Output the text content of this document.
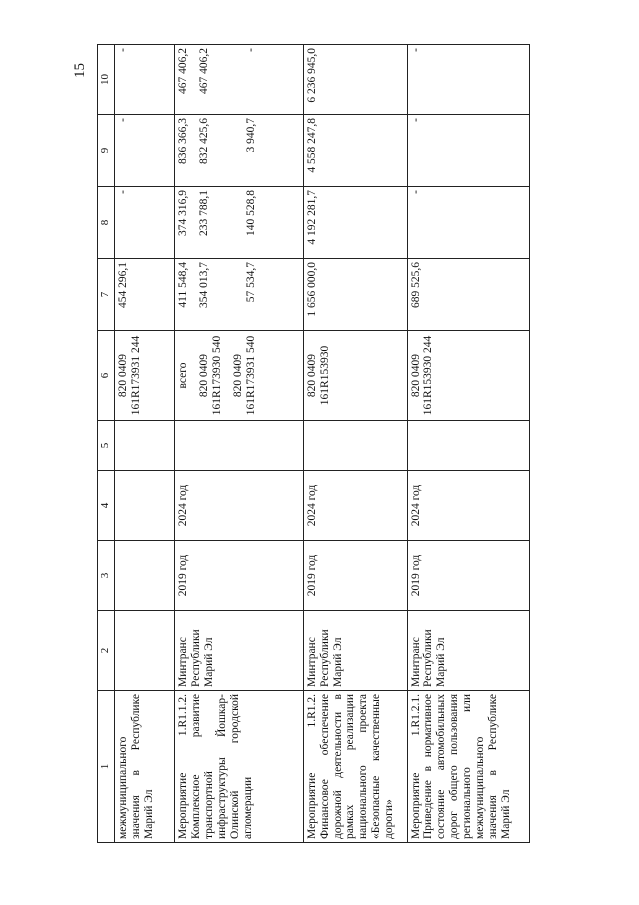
15
1	2	3	4	5	6	7	8	9	10
межмуниципального значения в Республике Марий Эл					820 0409 161R173931 244	454 296,1	-	-	-
Мероприятие 1.R1.1.2. Комплексное развитие транспортной инфраструктуры Йошкар-Олинской городской агломерации	Минтранс Республики Марий Эл	2019 год	2024 год		всего 820 0409 161R173930 540 820 0409 161R173931 540	411 548,4 354 013,7 57 534,7	374 316,9 233 788,1 140 528,8	836 366,3 832 425,6 3 940,7	467 406,2 467 406,2 -

Мероприятие 1.R1.2. Финансовое обеспечение дорожной деятельности в рамках реализации национального проекта «Безопасные качественные дороги»	Минтранс Республики Марий Эл	2019 год	2024 год		820 0409 161R153930	1 656 000,0	4 192 281,7	4 558 247,8	6 236 945,0
Мероприятие 1.R1.2.1. Приведение в нормативное состояние автомобильных дорог общего пользования регионального или межмуниципального значения в Республике Марий Эл	Минтранс Республики Марий Эл	2019 год	2024 год		820 0409 161R153930 244	689 525,6	-	-	-
